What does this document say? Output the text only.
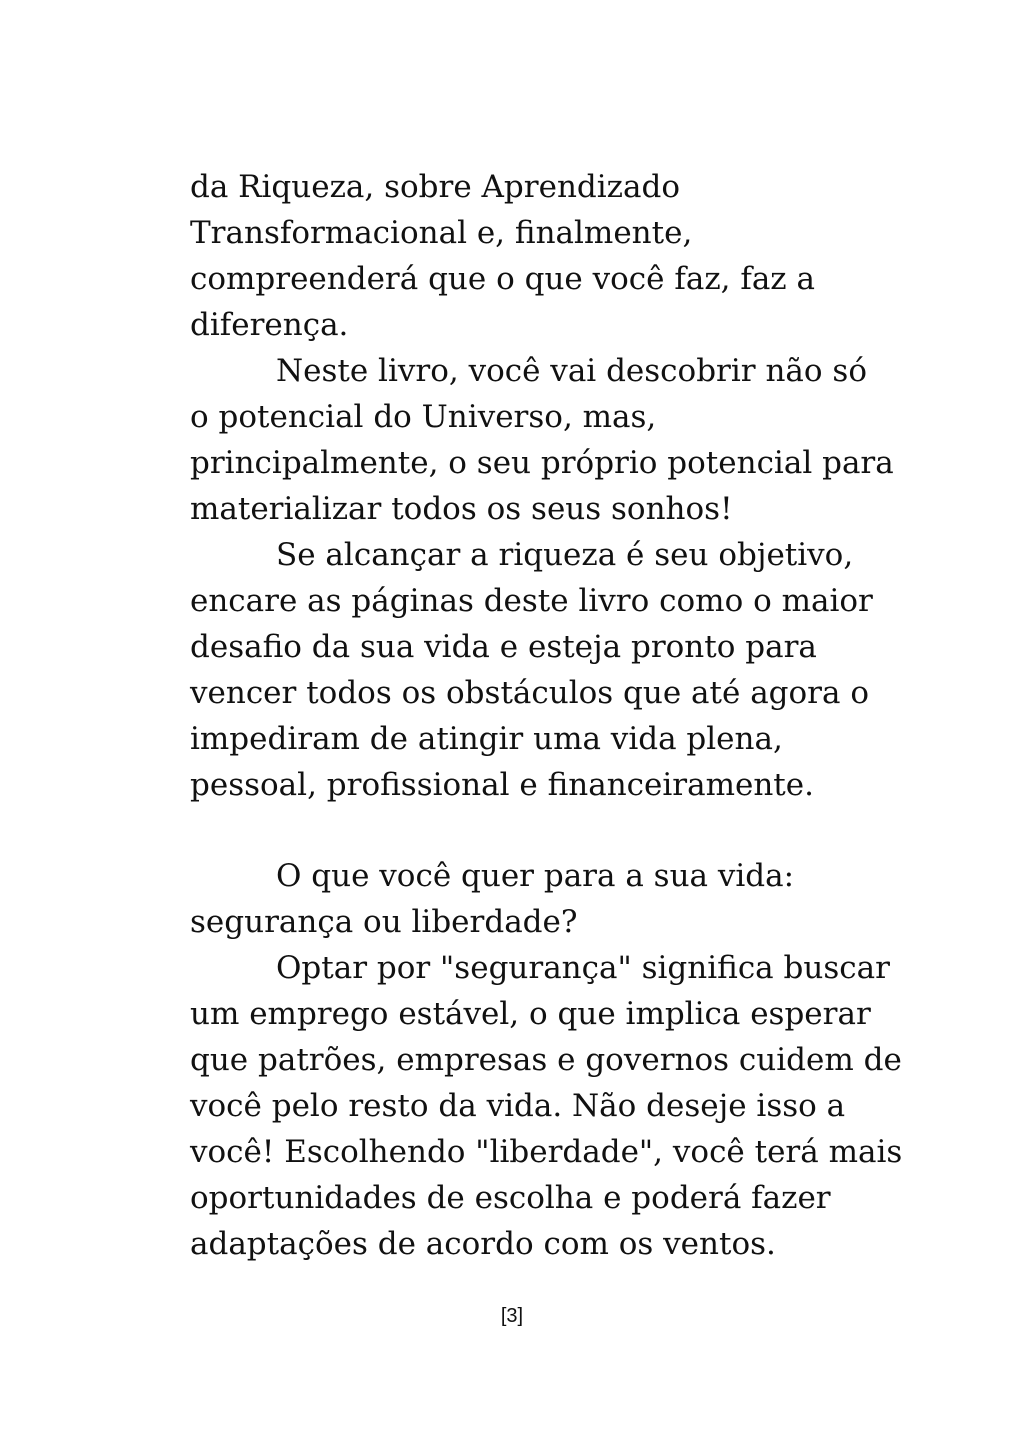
da Riqueza, sobre Aprendizado
Transformacional e, finalmente,
compreenderá que o que você faz, faz a
diferença.
Neste livro, você vai descobrir não só
o potencial do Universo, mas,
principalmente, o seu próprio potencial para
materializar todos os seus sonhos!
Se alcançar a riqueza é seu objetivo,
encare as páginas deste livro como o maior
desafio da sua vida e esteja pronto para
vencer todos os obstáculos que até agora o
impediram de atingir uma vida plena,
pessoal, profissional e financeiramente.
O que você quer para a sua vida:
segurança ou liberdade?
Optar por "segurança" significa buscar
um emprego estável, o que implica esperar
que patrões, empresas e governos cuidem de
você pelo resto da vida. Não deseje isso a
você! Escolhendo "liberdade", você terá mais
oportunidades de escolha e poderá fazer
adaptações de acordo com os ventos.
[3]
